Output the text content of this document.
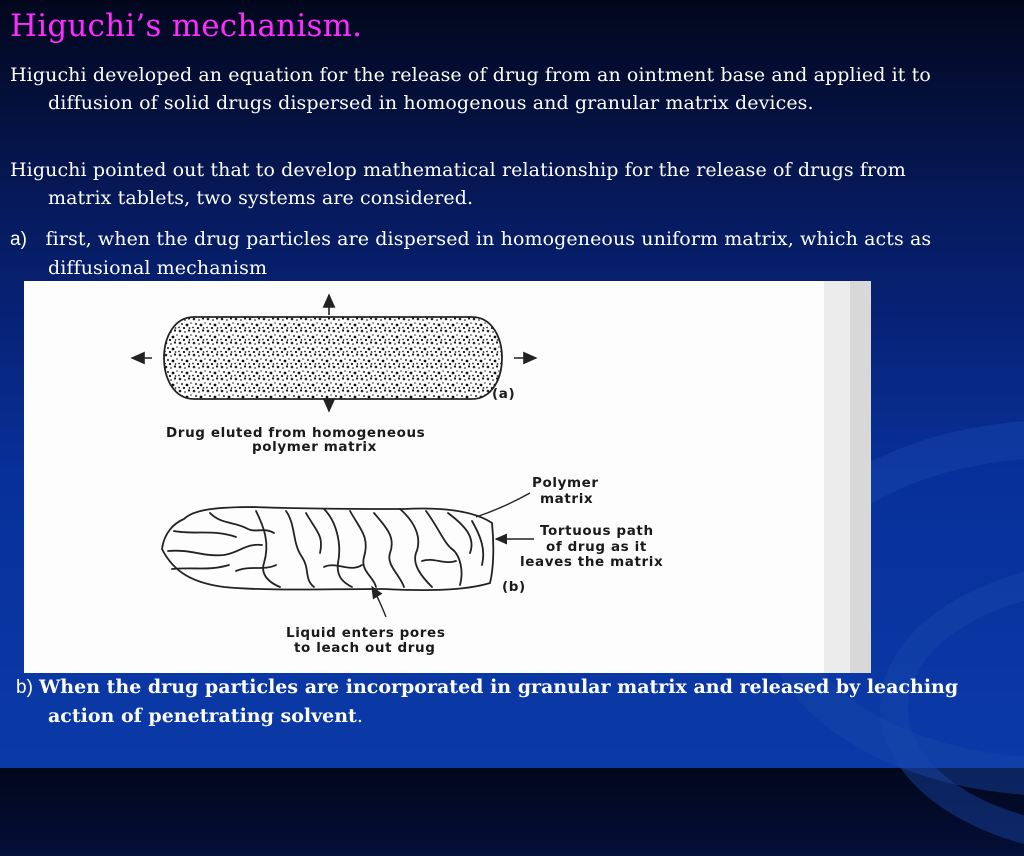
Higuchi’s mechanism.
Higuchi developed an equation for the release of drug from an ointment base and applied it to diffusion of solid drugs dispersed in homogenous and granular matrix devices.
Higuchi pointed out that to develop mathematical relationship for the release of drugs from matrix tablets, two systems are considered.
a) first, when the drug particles are dispersed in homogeneous uniform matrix, which acts as diffusional mechanism
(a)
Drug eluted from homogeneous
polymer matrix
Polymer
matrix
Tortuous path
of drug as it
leaves the matrix
(b)
Liquid enters pores
to leach out drug
b) When the drug particles are incorporated in granular matrix and released by leaching action of penetrating solvent.
